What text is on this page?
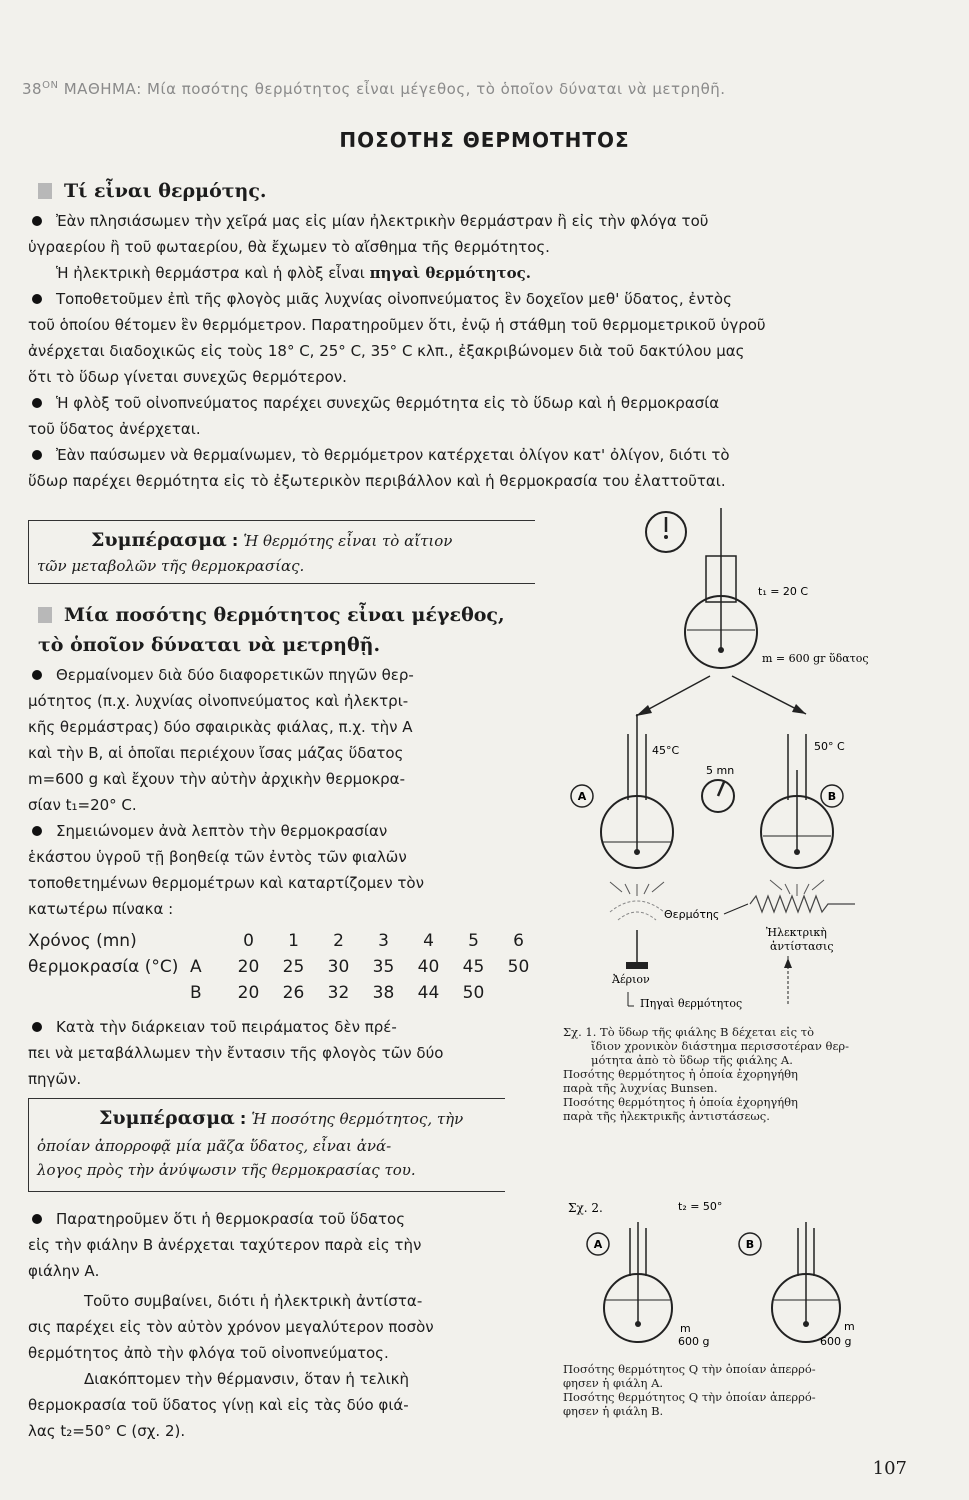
$38^{ON}$ ΜΑΘΗΜΑ: Μία ποσότης θερμότητος εἶναι μέγεθος, τὸ ὁποῖον δύναται νὰ μετρηθῆ.
ΠΟΣΟΤΗΣ ΘΕΡΜΟΤΗΤΟΣ
Τί εἶναι θερμότης.
Ἐὰν πλησιάσωμεν τὴν χεῖρά μας εἰς μίαν ἠλεκτρικὴν θερμάστραν ἢ εἰς τὴν φλόγα τοῦ
ὑγραερίου ἢ τοῦ φωταερίου, θὰ ἔχωμεν τὸ αἴσθημα τῆς θερμότητος.
Ἡ ἠλεκτρικὴ θερμάστρα καὶ ἡ φλὸξ εἶναι πηγαὶ θερμότητος.
Τοποθετοῦμεν ἐπὶ τῆς φλογὸς μιᾶς λυχνίας οἰνοπνεύματος ἓν δοχεῖον μεθ' ὕδατος, ἐντὸς
τοῦ ὁποίου θέτομεν ἓν θερμόμετρον. Παρατηροῦμεν ὅτι, ἐνῷ ἡ στάθμη τοῦ θερμομετρικοῦ ὑγροῦ
ἀνέρχεται διαδοχικῶς εἰς τοὺς 18° C, 25° C, 35° C κλπ., ἐξακριβώνομεν διὰ τοῦ δακτύλου μας
ὅτι τὸ ὕδωρ γίνεται συνεχῶς θερμότερον.
Ἡ φλὸξ τοῦ οἰνοπνεύματος παρέχει συνεχῶς θερμότητα εἰς τὸ ὕδωρ καὶ ἡ θερμοκρασία
τοῦ ὕδατος ἀνέρχεται.
Ἐὰν παύσωμεν νὰ θερμαίνωμεν, τὸ θερμόμετρον κατέρχεται ὀλίγον κατ' ὀλίγον, διότι τὸ
ὕδωρ παρέχει θερμότητα εἰς τὸ ἐξωτερικὸν περιβάλλον καὶ ἡ θερμοκρασία του ἐλαττοῦται.
Συμπέρασμα : Ἡ θερμότης εἶναι τὸ αἴτιον
τῶν μεταβολῶν τῆς θερμοκρασίας.
Μία ποσότης θερμότητος εἶναι μέγεθος,
τὸ ὁποῖον δύναται νὰ μετρηθῇ.
Θερμαίνομεν διὰ δύο διαφορετικῶν πηγῶν θερ-
μότητος (π.χ. λυχνίας οἰνοπνεύματος καὶ ἠλεκτρι-
κῆς θερμάστρας) δύο σφαιρικὰς φιάλας, π.χ. τὴν Α
καὶ τὴν Β, αἱ ὁποῖαι περιέχουν ἴσας μάζας ὕδατος
m=600 g καὶ ἔχουν τὴν αὐτὴν ἀρχικὴν θερμοκρα-
σίαν t₁=20° C.
Σημειώνομεν ἀνὰ λεπτὸν τὴν θερμοκρασίαν
ἑκάστου ὑγροῦ τῇ βοηθείᾳ τῶν ἐντὸς τῶν φιαλῶν
τοποθετημένων θερμομέτρων καὶ καταρτίζομεν τὸν
κατωτέρω πίνακα :
Χρόνος (mn)		0	1	2	3	4	5	6
θερμοκρασία (°C)	A	20	25	30	35	40	45	50
	B	20	26	32	38	44	50	
Κατὰ τὴν διάρκειαν τοῦ πειράματος δὲν πρέ-
πει νὰ μεταβάλλωμεν τὴν ἔντασιν τῆς φλογὸς τῶν δύο
πηγῶν.
Συμπέρασμα : Ἡ ποσότης θερμότητος, τὴν
ὁποίαν ἀπορροφᾷ μία μᾶζα ὕδατος, εἶναι ἀνά-
λογος πρὸς τὴν ἀνύψωσιν τῆς θερμοκρασίας του.
Παρατηροῦμεν ὅτι ἡ θερμοκρασία τοῦ ὕδατος
εἰς τὴν φιάλην Β ἀνέρχεται ταχύτερον παρὰ εἰς τὴν
φιάλην Α.
Τοῦτο συμβαίνει, διότι ἡ ἠλεκτρικὴ ἀντίστα-
σις παρέχει εἰς τὸν αὐτὸν χρόνον μεγαλύτερον ποσὸν
θερμότητος ἀπὸ τὴν φλόγα τοῦ οἰνοπνεύματος.
Διακόπτομεν τὴν θέρμανσιν, ὅταν ἡ τελικὴ
θερμοκρασία τοῦ ὕδατος γίνῃ καὶ εἰς τὰς δύο φιά-
λας t₂=50° C (σχ. 2).
t₁ = 20 C
m = 600 gr ὕδατος
45°C	50° C
5 mn
A	B
Θερμότης
Ἠλεκτρικὴ
ἀντίστασις
Ἀέριον
Πηγαὶ θερμότητος
Σχ. 1. Τὸ ὕδωρ τῆς φιάλης Β δέχεται εἰς τὸ
ἴδιον χρονικὸν διάστημα περισσοτέραν θερ-
μότητα ἀπὸ τὸ ὕδωρ τῆς φιάλης Α.
Ποσότης θερμότητος ἡ ὁποία ἐχορηγήθη
παρὰ τῆς λυχνίας Bunsen.
Ποσότης θερμότητος ἡ ὁποία ἐχορηγήθη
παρὰ τῆς ἠλεκτρικῆς ἀντιστάσεως.
Σχ. 2.	t₂ = 50°
A	B
m
600 g
m
600 g
Ποσότης θερμότητος Q τὴν ὁποίαν ἀπερρό-
φησεν ἡ φιάλη Α.
Ποσότης θερμότητος Q τὴν ὁποίαν ἀπερρό-
φησεν ἡ φιάλη Β.
107
